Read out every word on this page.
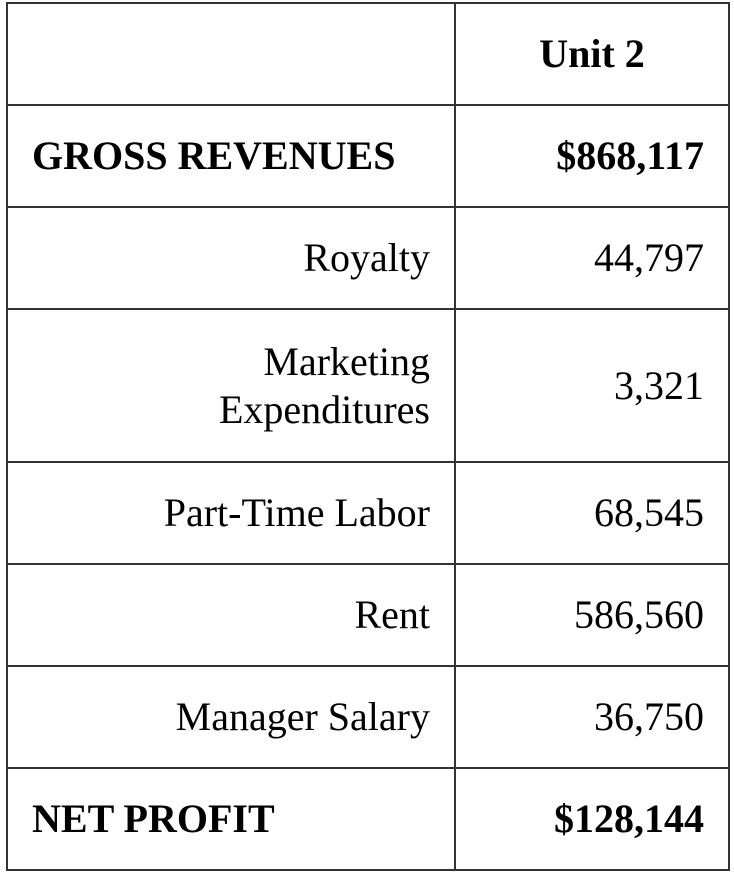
	Unit 2
GROSS REVENUES	$868,117
Royalty	44,797

Marketing
Expenditures	3,321
Part-Time Labor	68,545
Rent	586,560
Manager Salary	36,750
NET PROFIT	$128,144
